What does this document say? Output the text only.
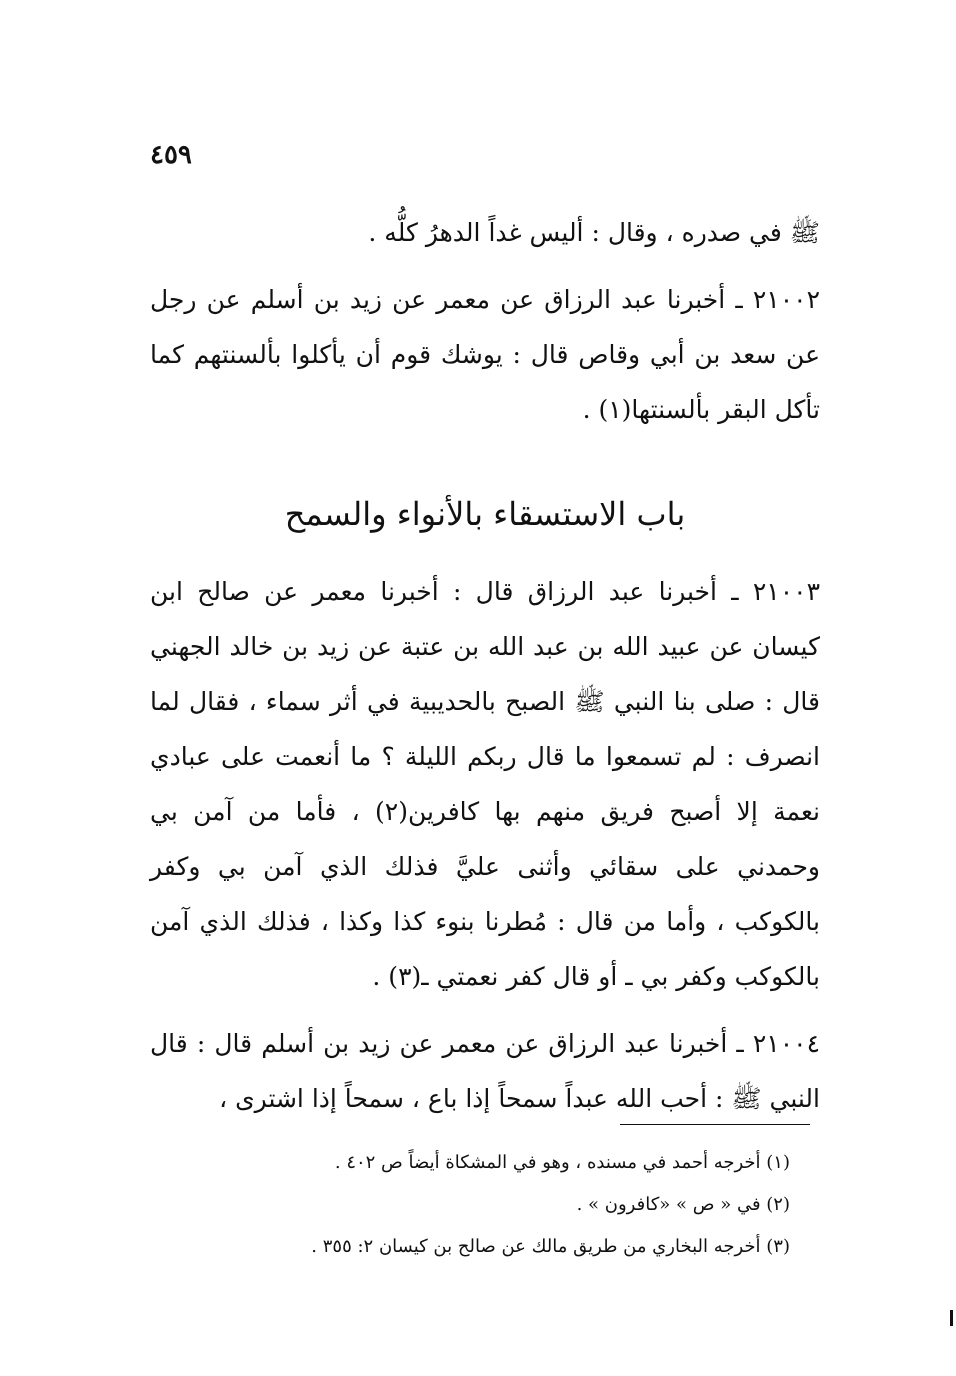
٤٥٩

ﷺ في صدره ، وقال : أليس غداً الدهرُ كلُّه .

٢١٠٠٢ ـ أخبرنا عبد الرزاق عن معمر عن زيد بن أسلم عن رجل عن سعد بن أبي وقاص قال : يوشك قوم أن يأكلوا بألسنتهم كما تأكل البقر بألسنتها(١) .

باب الاستسقاء بالأنواء والسمح

٢١٠٠٣ ـ أخبرنا عبد الرزاق قال : أخبرنا معمر عن صالح ابن كيسان عن عبيد الله بن عبد الله بن عتبة عن زيد بن خالد الجهني قال : صلى بنا النبي ﷺ الصبح بالحديبية في أثر سماء ، فقال لما انصرف : لم تسمعوا ما قال ربكم الليلة ؟ ما أنعمت على عبادي نعمة إلا أصبح فريق منهم بها كافرين(٢) ، فأما من آمن بي وحمدني على سقائي وأثنى عليَّ فذلك الذي آمن بي وكفر بالكوكب ، وأما من قال : مُطرنا بنوء كذا وكذا ، فذلك الذي آمن بالكوكب وكفر بي ـ أو قال كفر نعمتي ـ(٣) .

٢١٠٠٤ ـ أخبرنا عبد الرزاق عن معمر عن زيد بن أسلم قال : قال النبي ﷺ : أحب الله عبداً سمحاً إذا باع ، سمحاً إذا اشترى ،

(١) أخرجه أحمد في مسنده ، وهو في المشكاة أيضاً ص ٤٠٢ .
(٢) في « ص » «كافرون » .
(٣) أخرجه البخاري من طريق مالك عن صالح بن كيسان ٢: ٣٥٥ .
